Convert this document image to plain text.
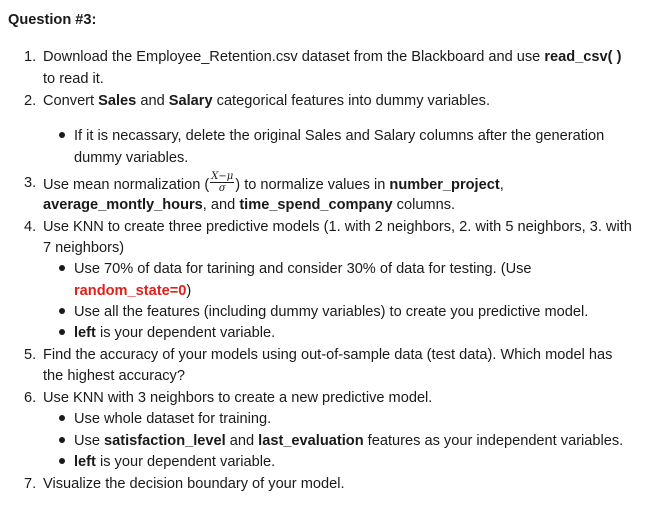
Question #3:
1. Download the Employee_Retention.csv dataset from the Blackboard and use read_csv( )
to read it.
2. Convert Sales and Salary categorical features into dummy variables.
If it is necassary, delete the original Sales and Salary columns after the generation
dummy variables.
3. Use mean normalization ( $\frac{X-\mu}{\sigma}$ ) to normalize values in number_project,
average_montly_hours, and time_spend_company columns.
4. Use KNN to create three predictive models (1. with 2 neighbors, 2. with 5 neighbors, 3. with
7 neighbors)
Use 70% of data for tarining and consider 30% of data for testing. (Use
random_state=0)
Use all the features (including dummy variables) to create you predictive model.
left is your dependent variable.
5. Find the accuracy of your models using out-of-sample data (test data). Which model has
the highest accuracy?
6. Use KNN with 3 neighbors to create a new predictive model.
Use whole dataset for training.
Use satisfaction_level and last_evaluation features as your independent variables.
left is your dependent variable.
7. Visualize the decision boundary of your model.
